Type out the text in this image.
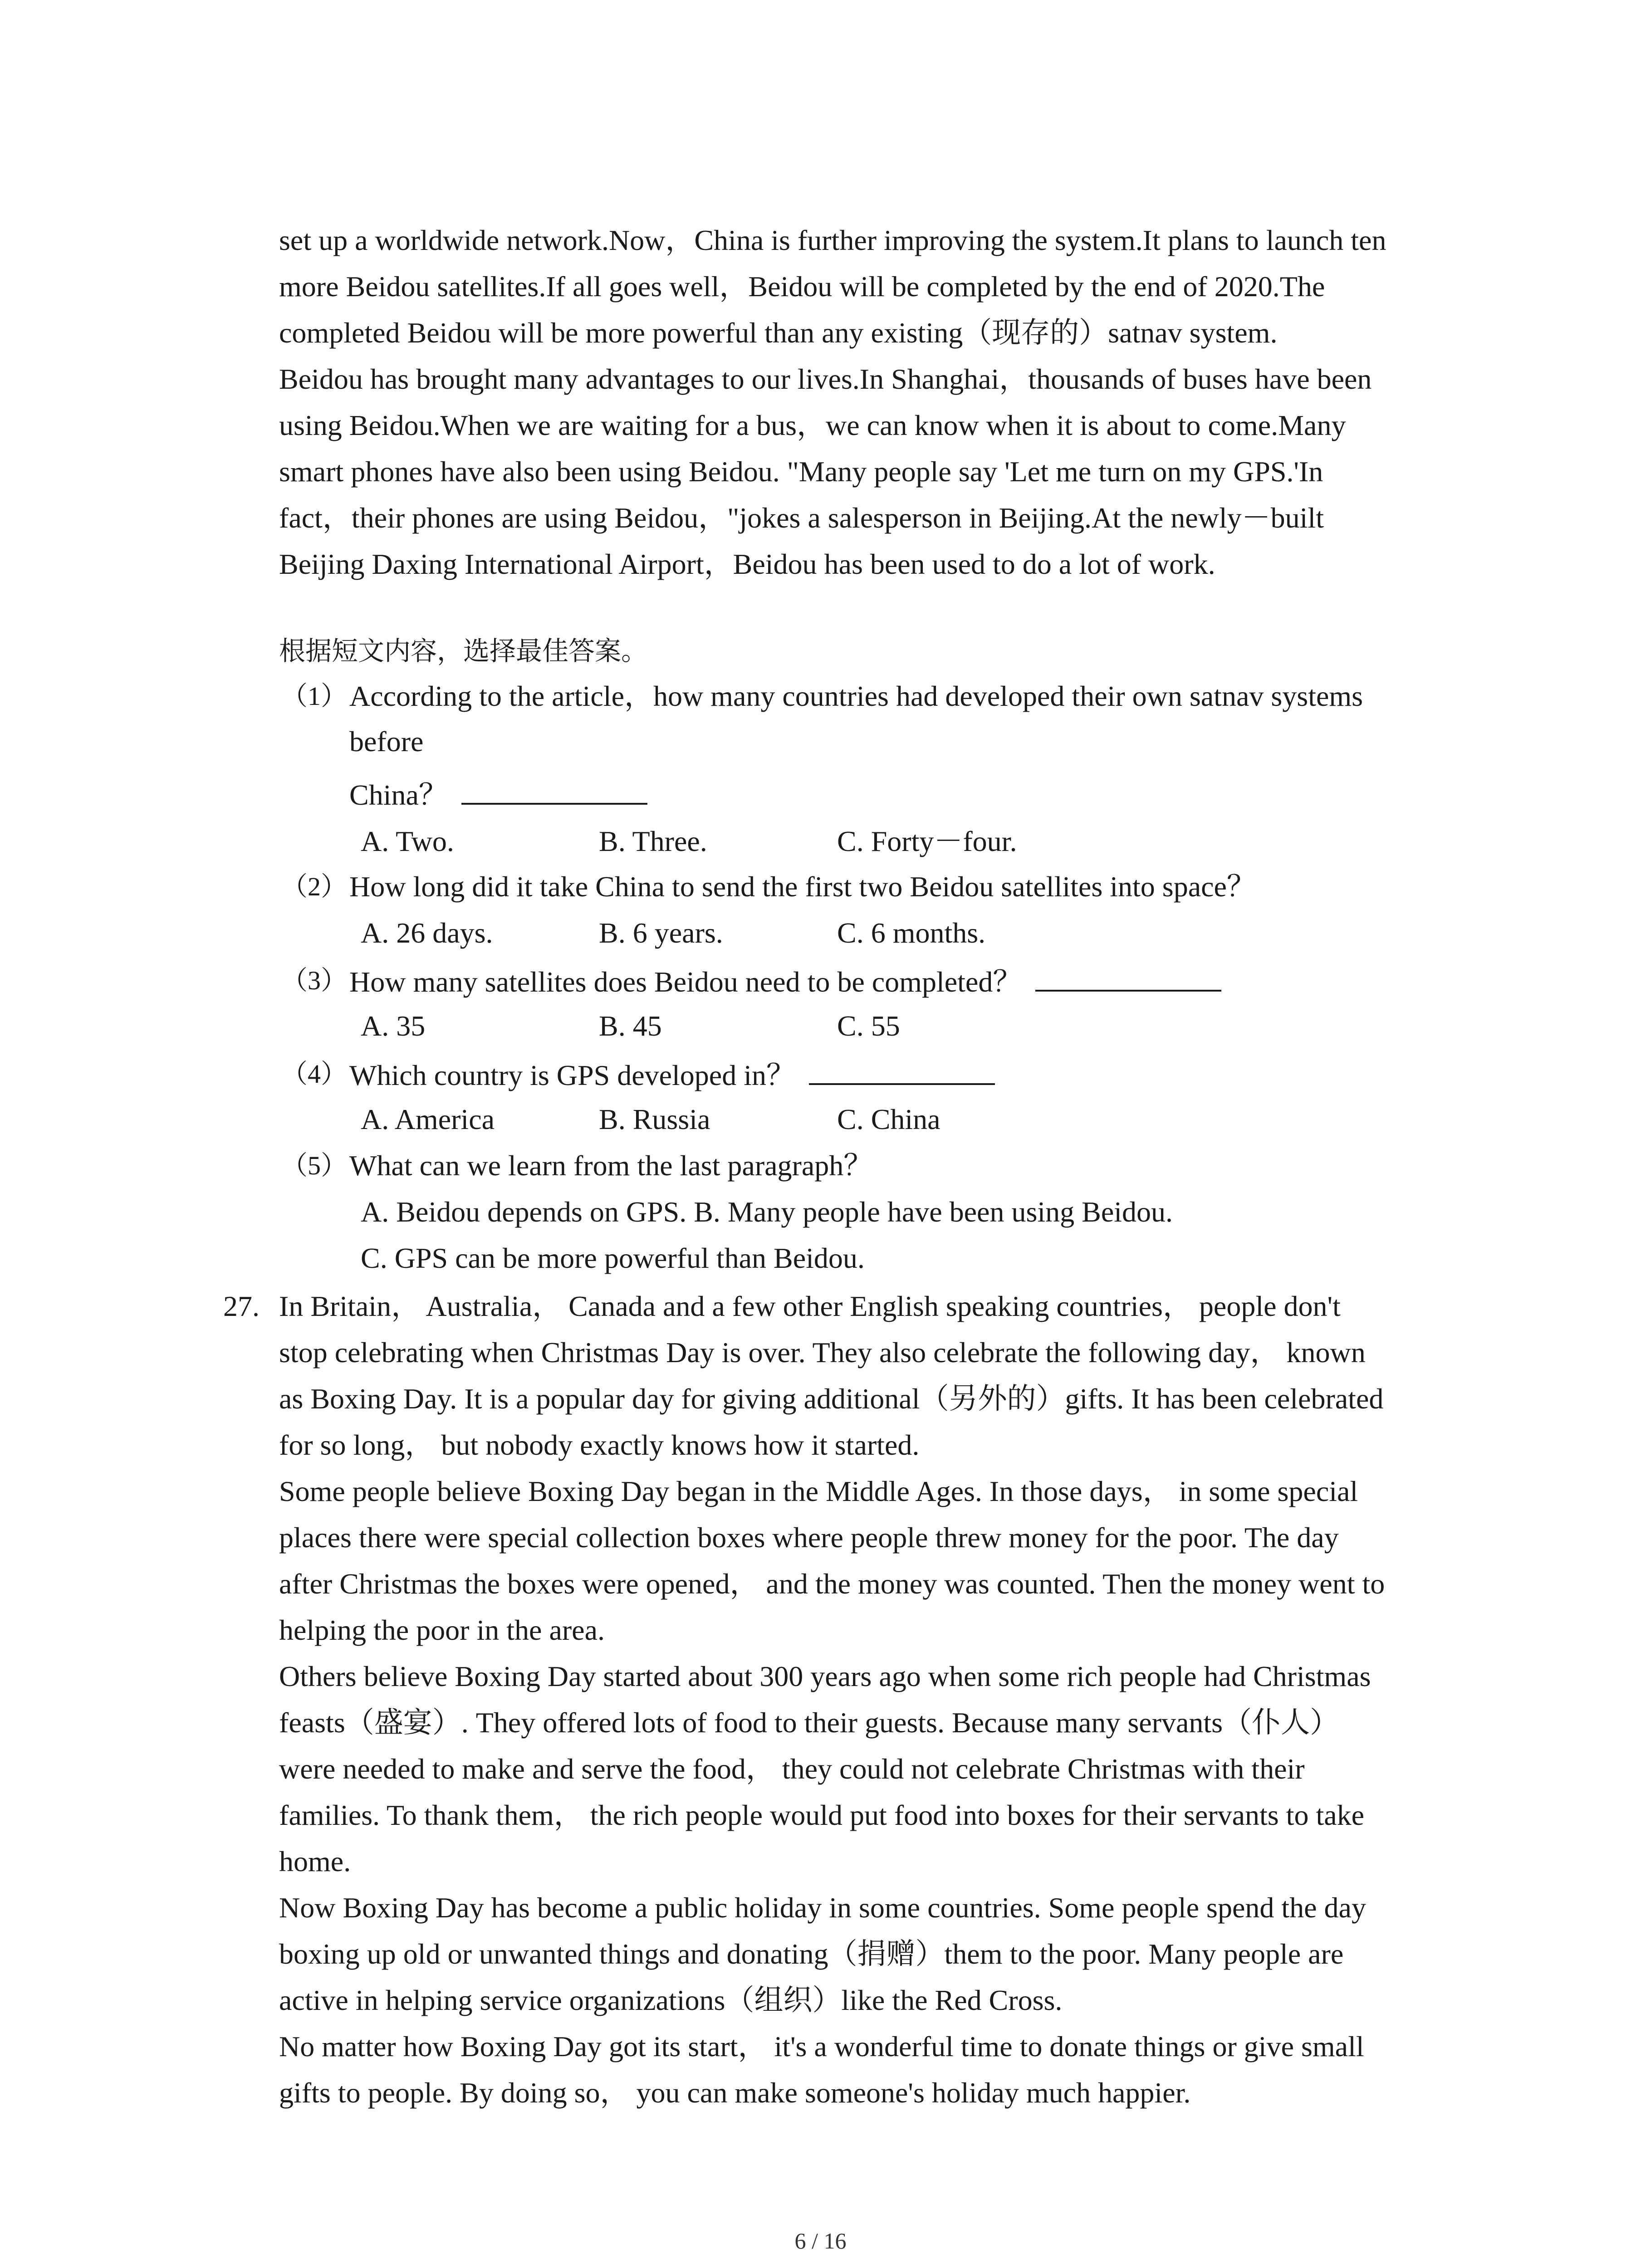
set up a worldwide network.Now，China is further improving the system.It plans to launch ten
more Beidou satellites.If all goes well，Beidou will be completed by the end of 2020.The
completed Beidou will be more powerful than any existing（现存的）satnav system.
Beidou has brought many advantages to our lives.In Shanghai，thousands of buses have been
using Beidou.When we are waiting for a bus，we can know when it is about to come.Many
smart phones have also been using Beidou. "Many people say 'Let me turn on my GPS.'In
fact，their phones are using Beidou，"jokes a salesperson in Beijing.At the newly－built
Beijing Daxing International Airport，Beidou has been used to do a lot of work.
根据短文内容，选择最佳答案。
（1） According to the article，how many countries had developed their own satnav systems
before
China？
A. Two.	B. Three.	C. Forty－four.
（2） How long did it take China to send the first two Beidou satellites into space？
A. 26 days.	B. 6 years.	C. 6 months.
（3） How many satellites does Beidou need to be completed？
A. 35	B. 45	C. 55
（4） Which country is GPS developed in？
A. America	B. Russia	C. China
（5） What can we learn from the last paragraph？
A. Beidou depends on GPS. B. Many people have been using Beidou.
C. GPS can be more powerful than Beidou.
27. In Britain， Australia， Canada and a few other English speaking countries， people don't
stop celebrating when Christmas Day is over. They also celebrate the following day， known
as Boxing Day. It is a popular day for giving additional（另外的）gifts. It has been celebrated
for so long， but nobody exactly knows how it started.
Some people believe Boxing Day began in the Middle Ages. In those days， in some special
places there were special collection boxes where people threw money for the poor. The day
after Christmas the boxes were opened， and the money was counted. Then the money went to
helping the poor in the area.
Others believe Boxing Day started about 300 years ago when some rich people had Christmas
feasts（盛宴）. They offered lots of food to their guests. Because many servants（仆人）
were needed to make and serve the food， they could not celebrate Christmas with their
families. To thank them， the rich people would put food into boxes for their servants to take
home.
Now Boxing Day has become a public holiday in some countries. Some people spend the day
boxing up old or unwanted things and donating（捐赠）them to the poor. Many people are
active in helping service organizations（组织）like the Red Cross.
No matter how Boxing Day got its start， it's a wonderful time to donate things or give small
gifts to people. By doing so， you can make someone's holiday much happier.
6 / 16
